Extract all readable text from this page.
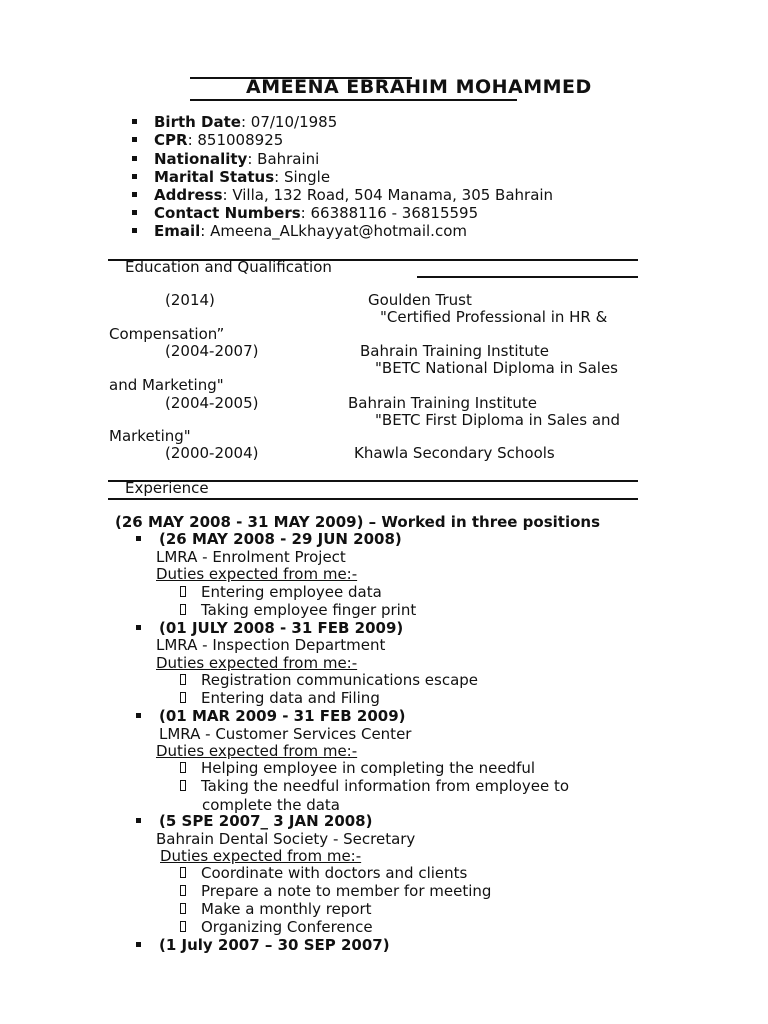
AMEENA EBRAHIM MOHAMMED
Birth Date: 07/10/1985
CPR: 851008925
Nationality: Bahraini
Marital Status: Single
Address: Villa, 132 Road, 504 Manama, 305 Bahrain
Contact Numbers: 66388116 - 36815595
Email: Ameena_ALkhayyat@hotmail.com
Education and Qualification
(2014)	Goulden Trust
"Certified Professional in HR &
Compensation”
(2004-2007)	Bahrain Training Institute
"BETC National Diploma in Sales
and Marketing"
(2004-2005)	Bahrain Training Institute
"BETC First Diploma in Sales and
Marketing"
(2000-2004)	Khawla Secondary Schools
Experience
(26 MAY 2008 - 31 MAY 2009) – Worked in three positions
(26 MAY 2008 - 29 JUN 2008)
LMRA - Enrolment Project
Duties expected from me:-
Entering employee data
Taking employee finger print
(01 JULY 2008 - 31 FEB 2009)
LMRA - Inspection Department
Duties expected from me:-
Registration communications escape
Entering data and Filing
(01 MAR 2009 - 31 FEB 2009)
LMRA - Customer Services Center
Duties expected from me:-
Helping employee in completing the needful
Taking the needful information from employee to
complete the data
(5 SPE 2007_ 3 JAN 2008)
Bahrain Dental Society - Secretary
Duties expected from me:-
Coordinate with doctors and clients
Prepare a note to member for meeting
Make a monthly report
Organizing Conference
(1 July 2007 – 30 SEP 2007)
